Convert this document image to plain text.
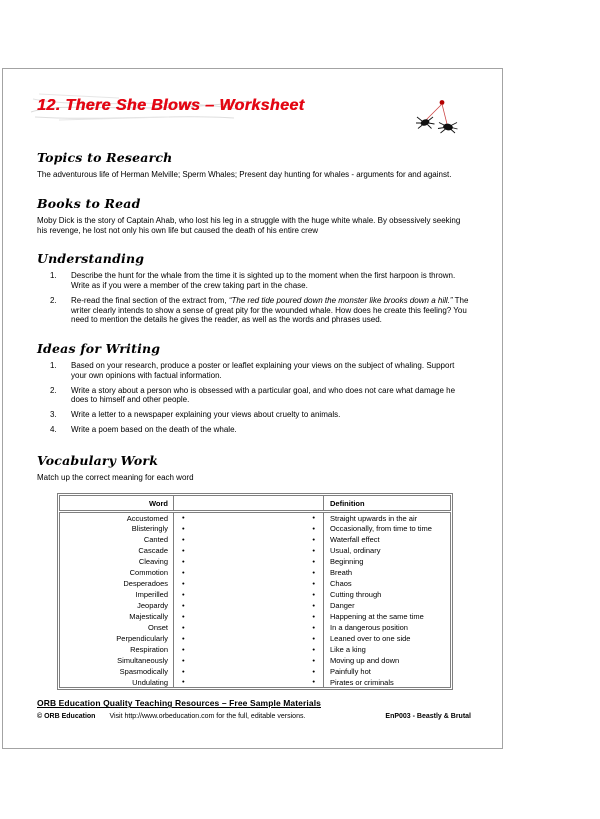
12. There She Blows – Worksheet
Topics to Research

The adventurous life of Herman Melville; Sperm Whales; Present day hunting for whales - arguments for and against.

Books to Read

Moby Dick is the story of Captain Ahab, who lost his leg in a struggle with the huge white whale. By obsessively seeking his revenge, he lost not only his own life but caused the death of his entire crew

Understanding
1.	Describe the hunt for the whale from the time it is sighted up to the moment when the first harpoon is thrown. Write as if you were a member of the crew taking part in the chase.
2.	Re-read the final section of the extract from, “The red tide poured down the monster like brooks down a hill.” The writer clearly intends to show a sense of great pity for the wounded whale. How does he create this feeling? You need to mention the details he gives the reader, as well as the words and phrases used.
Ideas for Writing
1.	Based on your research, produce a poster or leaflet explaining your views on the subject of whaling. Support your own opinions with factual information.
2.	Write a story about a person who is obsessed with a particular goal, and who does not care what damage he does to himself and other people.
3.	Write a letter to a newspaper explaining your views about cruelty to animals.
4.	Write a poem based on the death of the whale.
Vocabulary Work

Match up the correct meaning for each word

Word		Definition
Accustomed	• •	Straight upwards in the air
Blisteringly	• •	Occasionally, from time to time
Canted	• •	Waterfall effect
Cascade	• •	Usual, ordinary
Cleaving	• •	Beginning
Commotion	• •	Breath
Desperadoes	• •	Chaos
Imperilled	• •	Cutting through
Jeopardy	• •	Danger
Majestically	• •	Happening at the same time
Onset	• •	In a dangerous position
Perpendicularly	• •	Leaned over to one side
Respiration	• •	Like a king
Simultaneously	• •	Moving up and down
Spasmodically	• •	Painfully hot
Undulating	• •	Pirates or criminals
ORB Education Quality Teaching Resources – Free Sample Materials
© ORB Education Visit http://www.orbeducation.com for the full, editable versions.	EnP003 - Beastly & Brutal
